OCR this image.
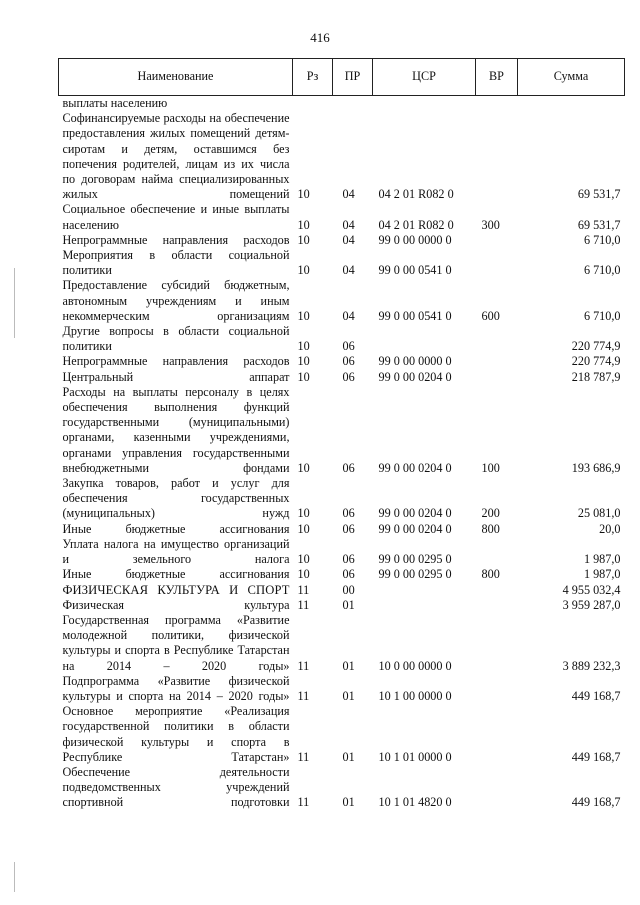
416
Наименование	Рз	ПР	ЦСР	ВР	Сумма
выплаты населению					
Софинансируемые расходы на обеспечение предоставления жилых помещений детям-сиротам и детям, оставшимся без попечения родителей, лицам из их числа по договорам найма специализированных жилых помещений	10	04	04 2 01 R082 0		69 531,7
Социальное обеспечение и иные выплаты населению	10	04	04 2 01 R082 0	300	69 531,7
Непрограммные направления расходов	10	04	99 0 00 0000 0		6 710,0
Мероприятия в области социальной политики	10	04	99 0 00 0541 0		6 710,0
Предоставление субсидий бюджетным, автономным учреждениям и иным некоммерческим организациям	10	04	99 0 00 0541 0	600	6 710,0
Другие вопросы в области социальной политики	10	06			220 774,9
Непрограммные направления расходов	10	06	99 0 00 0000 0		220 774,9
Центральный аппарат	10	06	99 0 00 0204 0		218 787,9
Расходы на выплаты персоналу в целях обеспечения выполнения функций государственными (муниципальными) органами, казенными учреждениями, органами управления государственными внебюджетными фондами	10	06	99 0 00 0204 0	100	193 686,9
Закупка товаров, работ и услуг для обеспечения государственных (муниципальных) нужд	10	06	99 0 00 0204 0	200	25 081,0
Иные бюджетные ассигнования	10	06	99 0 00 0204 0	800	20,0
Уплата налога на имущество организаций и земельного налога	10	06	99 0 00 0295 0		1 987,0
Иные бюджетные ассигнования	10	06	99 0 00 0295 0	800	1 987,0
ФИЗИЧЕСКАЯ КУЛЬТУРА И СПОРТ	11	00			4 955 032,4
Физическая культура	11	01			3 959 287,0
Государственная программа «Развитие молодежной политики, физической культуры и спорта в Республике Татарстан на 2014 – 2020 годы»	11	01	10 0 00 0000 0		3 889 232,3
Подпрограмма «Развитие физической культуры и спорта на 2014 – 2020 годы»	11	01	10 1 00 0000 0		449 168,7
Основное мероприятие «Реализация государственной политики в области физической культуры и спорта в Республике Татарстан»	11	01	10 1 01 0000 0		449 168,7
Обеспечение деятельности подведомственных учреждений спортивной подготовки	11	01	10 1 01 4820 0		449 168,7
